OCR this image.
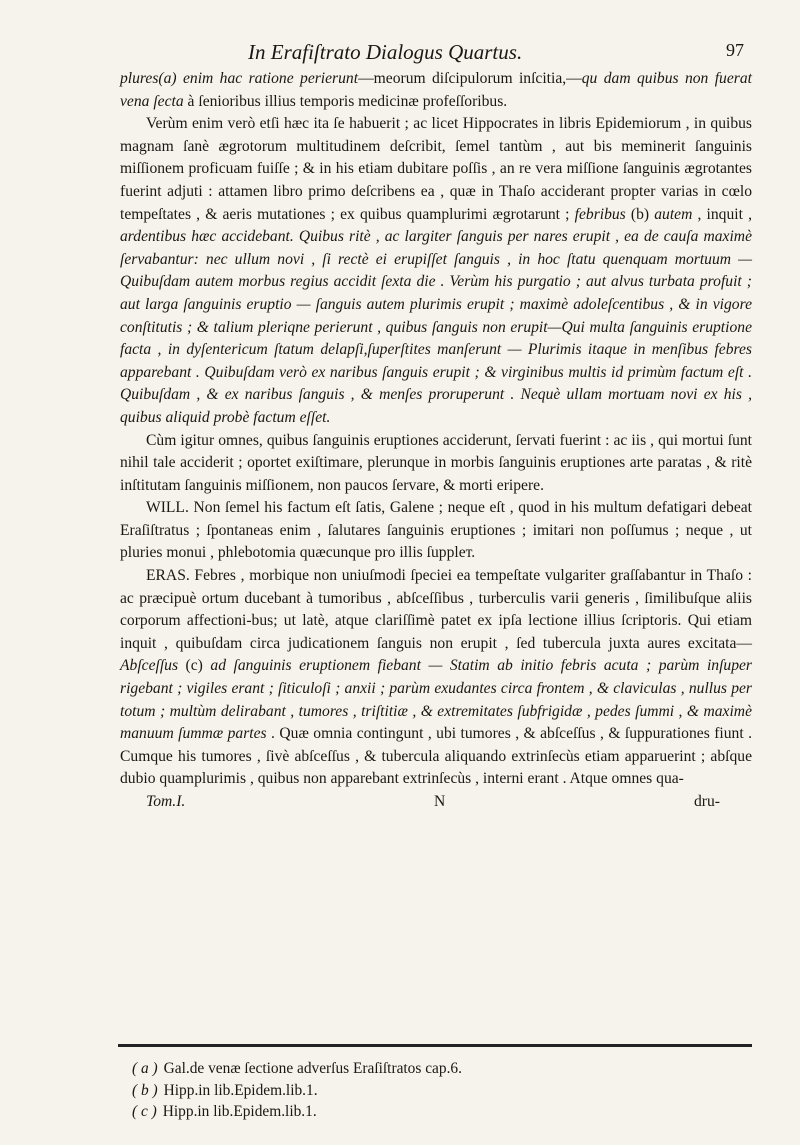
In Erafiſtrato Dialogus Quartus.	97

plures(a) enim hac ratione perierunt—meorum diſcipulorum inſcitia,—qu dam quibus non fuerat vena ſecta à ſenioribus illius temporis medicinæ profeſſoribus.

Verùm enim verò etſi hæc ita ſe habuerit ; ac licet Hippocrates in libris Epidemiorum , in quibus magnam ſanè ægrotorum multitudinem deſcribit, ſemel tantùm , aut bis meminerit ſanguinis miſſionem proficuam fuiſſe ; & in his etiam dubitare poſſis , an re vera miſſione ſanguinis ægrotantes fuerint adjuti : attamen libro primo deſcribens ea , quæ in Thaſo acciderant propter varias in cœlo tempeſtates , & aeris mutationes ; ex quibus quamplurimi ægrotarunt ; febribus (b) autem , inquit , ardentibus hæc accidebant. Quibus ritè , ac largiter ſanguis per nares erupit , ea de cauſa maximè ſervabantur: nec ullum novi , ſi rectè ei erupiſſet ſanguis , in hoc ſtatu quenquam mortuum —Quibuſdam autem morbus regius accidit ſexta die . Verùm his purgatio ; aut alvus turbata profuit ; aut larga ſanguinis eruptio — ſanguis autem plurimis erupit ; maximè adoleſcentibus , & in vigore conſtitutis ; & talium pleriqne perierunt , quibus ſanguis non erupit—Qui multa ſanguinis eruptione facta , in dyſentericum ſtatum delapſi,ſuperſtites manſerunt — Plurimis itaque in menſibus febres apparebant . Quibuſdam verò ex naribus ſanguis erupit ; & virginibus multis id primùm factum eſt . Quibuſdam , & ex naribus ſanguis , & menſes proruperunt . Nequè ullam mortuam novi ex his , quibus aliquid probè factum eſſet.

Cùm igitur omnes, quibus ſanguinis eruptiones acciderunt, ſervati fuerint : ac iis , qui mortui ſunt nihil tale acciderit ; oportet exiſtimare, plerunque in morbis ſanguinis eruptiones arte paratas , & ritè inſtitutam ſanguinis miſſionem, non paucos ſervare, & morti eripere.

WILL. Non ſemel his factum eſt ſatis, Galene ; neque eſt , quod in his multum defatigari debeat Eraſiſtratus ; ſpontaneas enim , ſalutares ſanguinis eruptiones ; imitari non poſſumus ; neque , ut pluries monui , phlebotomia quæcunque pro illis ſuppleт.

ERAS. Febres , morbique non uniuſmodi ſpeciei ea tempeſtate vulgariter graſſabantur in Thaſo : ac præcipuè ortum ducebant à tumoribus , abſceſſibus , turberculis varii generis , ſimilibuſque aliis corporum affectioni-bus; ut latè, atque clariſſimè patet ex ipſa lectione illius ſcriptoris. Qui etiam inquit , quibuſdam circa judicationem ſanguis non erupit , ſed tubercula juxta aures excitata— Abſceſſus (c) ad ſanguinis eruptionem fiebant — Statim ab initio febris acuta ; parùm inſuper rigebant ; vigiles erant ; ſiticuloſi ; anxii ; parùm exudantes circa frontem , & claviculas , nullus per totum ; multùm delirabant , tumores , triſtitiæ , & extremitates ſubfrigidæ , pedes ſummi , & maximè manuum ſummæ partes . Quæ omnia contingunt , ubi tumores , & abſceſſus , & ſuppurationes fiunt . Cumque his tumores , ſivè abſceſſus , & tubercula aliquando extrinſecùs etiam apparuerint ; abſque dubio quamplurimis , quibus non apparebant extrinſecùs , interni erant . Atque omnes qua-

Tom.I.	N	dru-
( a ) Gal.de venæ ſectione adverſus Eraſiſtratos cap.6.
( b ) Hipp.in lib.Epidem.lib.1.
( c ) Hipp.in lib.Epidem.lib.1.
